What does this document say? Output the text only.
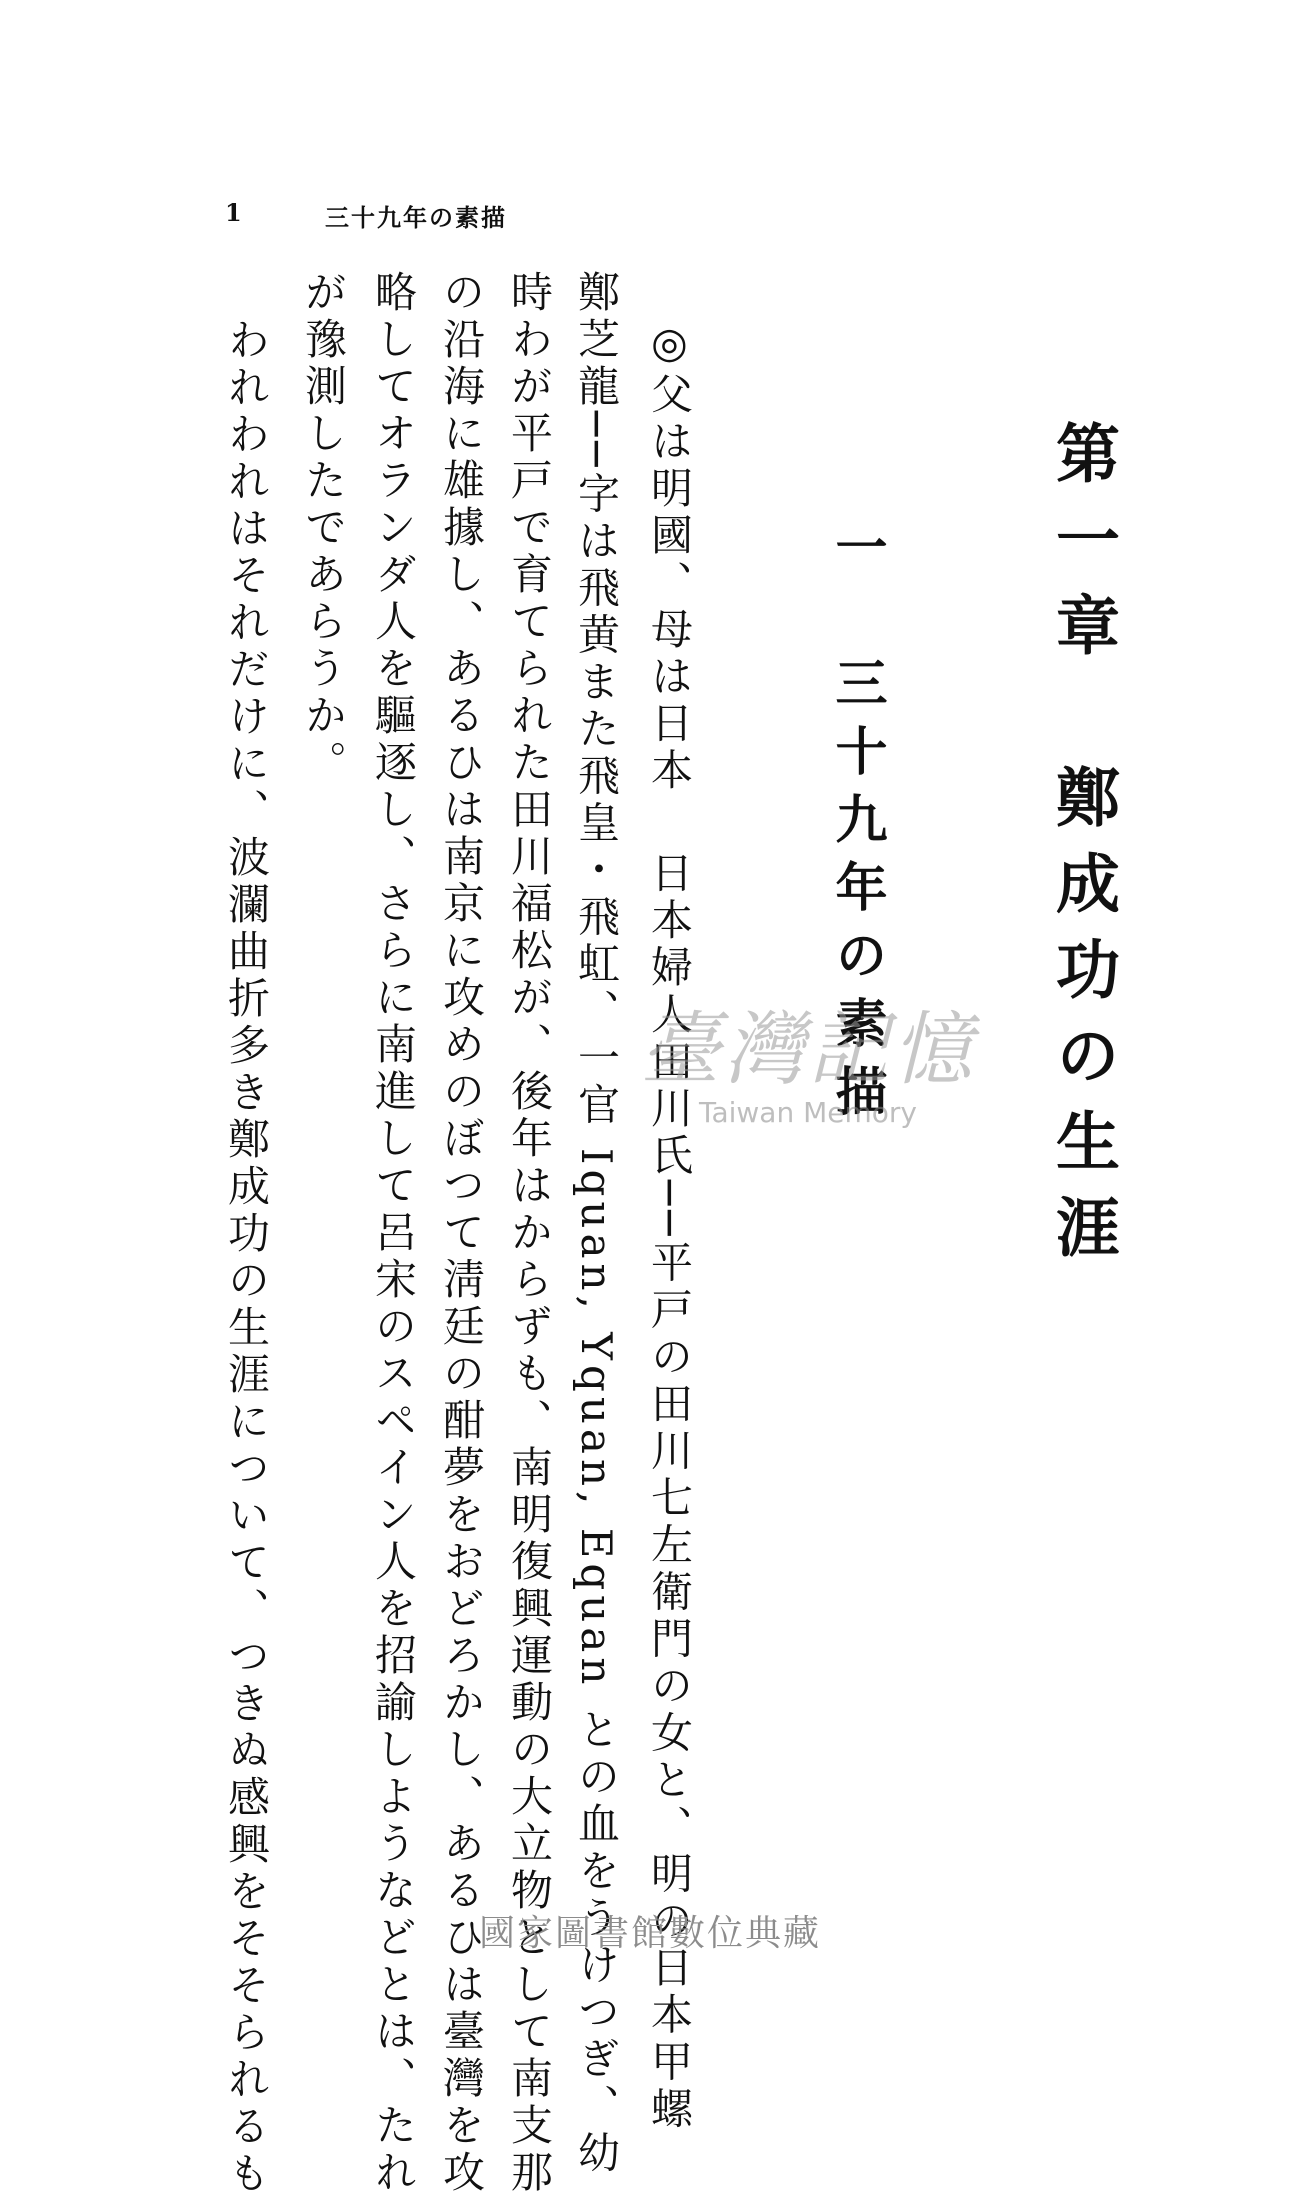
1	三十九年の素描
第一章　鄭成功の生涯
一　三十九年の素描
◎父は明國、母は日本日本婦人田川氏──平戸の田川七左衛門の女と、明の日本甲螺
鄭芝龍──字は飛黄また飛皇・飛虹、一官 Iquan, Yquan, Equan との血をうけつぎ、幼
時わが平戸で育てられた田川福松が、後年はからずも、南明復興運動の大立物として南支那
の沿海に雄據し、あるひは南京に攻めのぼつて淸廷の酣夢をおどろかし、あるひは臺灣を攻
略してオランダ人を驅逐し、さらに南進して呂宋のスペイン人を招諭しようなどとは、たれ
が豫測したであらうか。
われわれはそれだけに、波瀾曲折多き鄭成功の生涯について、つきぬ感興をそそられるも	臺灣記憶
Taiwan Memory
國家圖書館數位典藏
